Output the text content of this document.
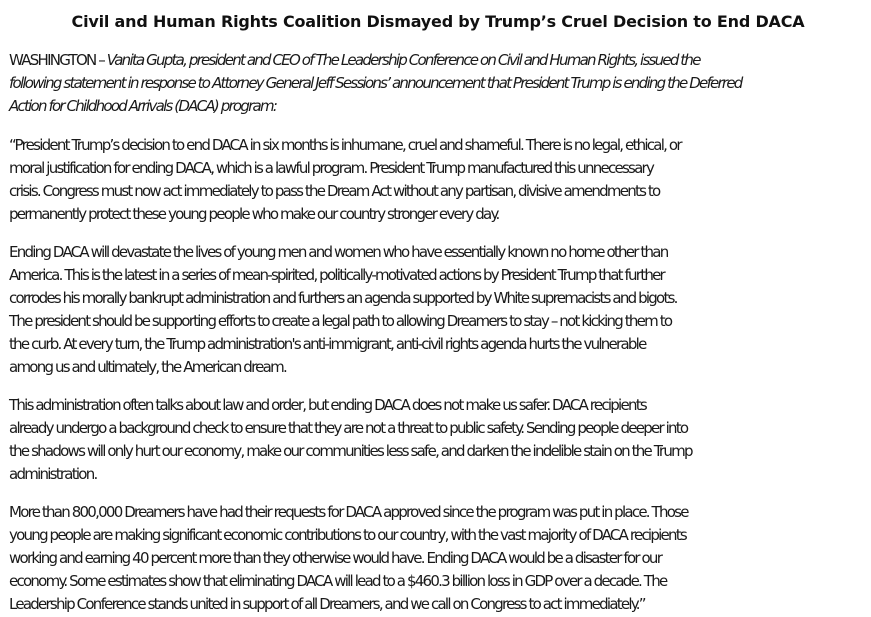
Civil and Human Rights Coalition Dismayed by Trump’s Cruel Decision to End DACA

WASHINGTON – Vanita Gupta, president and CEO of The Leadership Conference on Civil and Human Rights, issued the
following statement in response to Attorney General Jeff Sessions’ announcement that President Trump is ending the Deferred
Action for Childhood Arrivals (DACA) program:

“President Trump’s decision to end DACA in six months is inhumane, cruel and shameful. There is no legal, ethical, or
moral justification for ending DACA, which is a lawful program. President Trump manufactured this unnecessary
crisis. Congress must now act immediately to pass the Dream Act without any partisan, divisive amendments to
permanently protect these young people who make our country stronger every day.

Ending DACA will devastate the lives of young men and women who have essentially known no home other than
America. This is the latest in a series of mean-spirited, politically-motivated actions by President Trump that further
corrodes his morally bankrupt administration and furthers an agenda supported by White supremacists and bigots.
The president should be supporting efforts to create a legal path to allowing Dreamers to stay – not kicking them to
the curb. At every turn, the Trump administration's anti-immigrant, anti-civil rights agenda hurts the vulnerable
among us and ultimately, the American dream.

This administration often talks about law and order, but ending DACA does not make us safer. DACA recipients
already undergo a background check to ensure that they are not a threat to public safety. Sending people deeper into
the shadows will only hurt our economy, make our communities less safe, and darken the indelible stain on the Trump
administration.

More than 800,000 Dreamers have had their requests for DACA approved since the program was put in place. Those
young people are making significant economic contributions to our country, with the vast majority of DACA recipients
working and earning 40 percent more than they otherwise would have. Ending DACA would be a disaster for our
economy. Some estimates show that eliminating DACA will lead to a $460.3 billion loss in GDP over a decade. The
Leadership Conference stands united in support of all Dreamers, and we call on Congress to act immediately.”
